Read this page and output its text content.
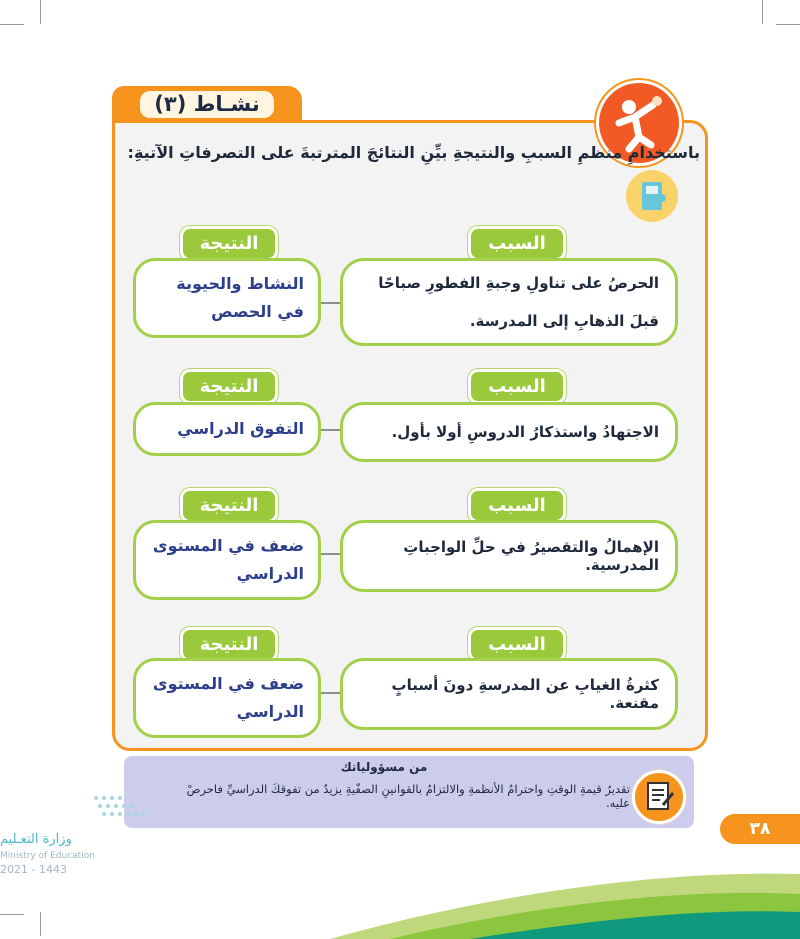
نشـاط (٣)
باستخدامِ منظمِ السببِ والنتيجةِ بيِّنِ النتائجَ المترتبةَ على التصرفاتِ الآتيةِ:
السبب
النتيجة
الحرصُ على تناولِ وجبةِ الفطورِ صباحًا قبلَ الذهابِ إلى المدرسة.
النشاط والحيوية في الحصص
السبب
النتيجة
الاجتهادُ واستذكارُ الدروسِ أولا بأول.
التفوق الدراسي
السبب
النتيجة
الإهمالُ والتقصيرُ في حلِّ الواجباتِ المدرسية.
ضعف في المستوى الدراسي
السبب
النتيجة
كثرةُ الغيابِ عن المدرسةِ دونَ أسبابٍ مقنعة.
ضعف في المستوى الدراسي
من مسؤولياتك
تقديرُ قيمةِ الوقتِ واحترامُ الأنظمةِ والالتزامُ بالقوانينِ الصفّيةِ يزيدُ من تفوقكَ الدراسيِّ فاحرصْ عليه.
٣٨
وزارة التعـليم
Ministry of Education
2021 - 1443
